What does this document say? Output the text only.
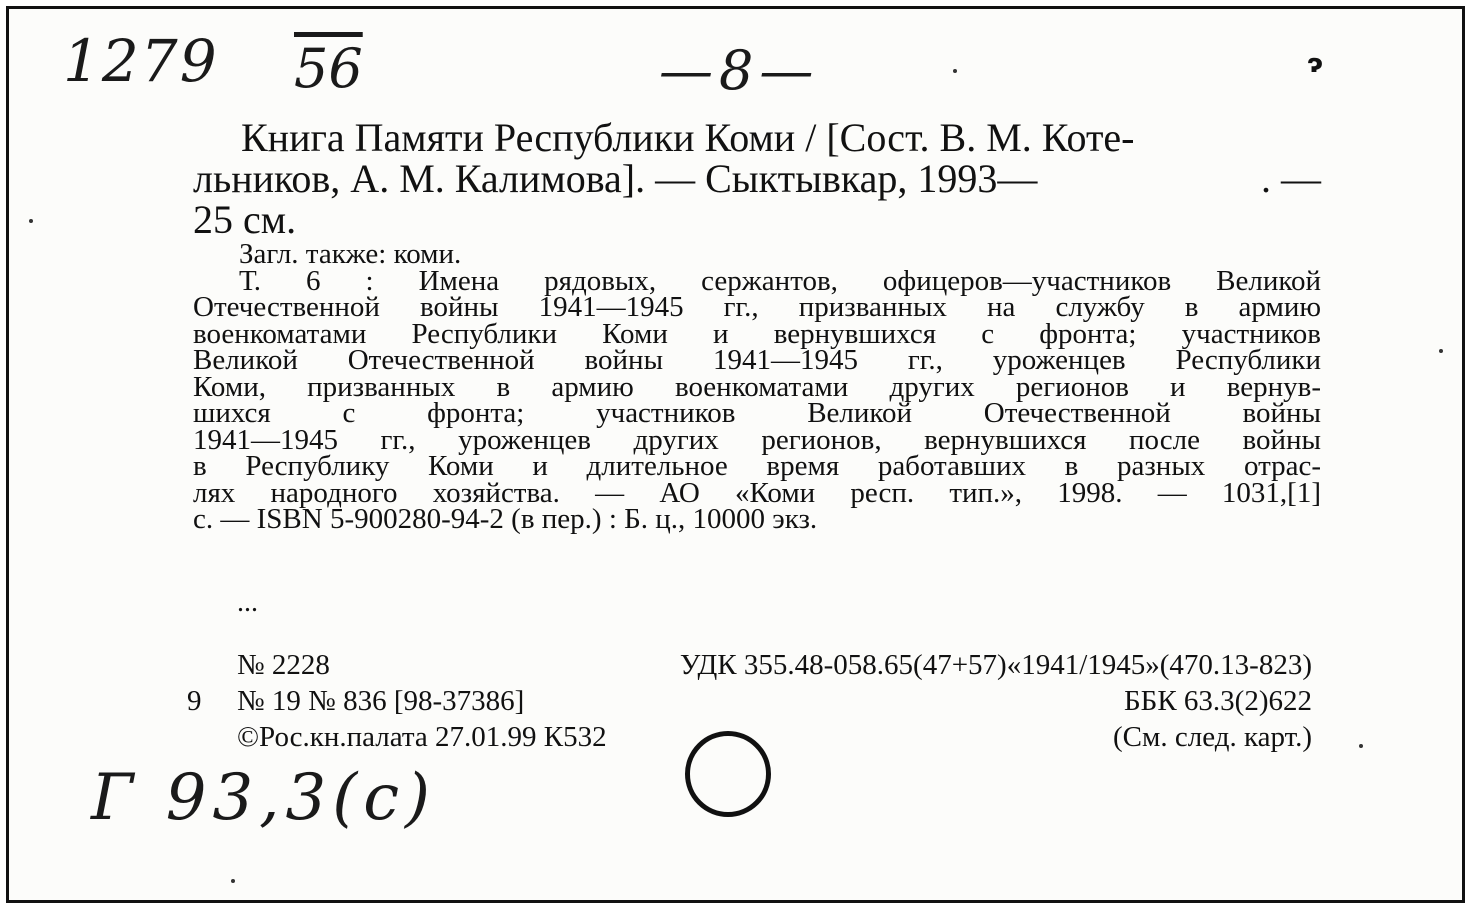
1279 56	—8—	ɂ
Книга Памяти Республики Коми / [Сост. В. М. Коте-
льников, А. М. Калимова]. — Сыктывкар, 1993—	. —
25 см.
Загл. также: коми.
Т. 6 : Имена рядовых, сержантов, офицеров—участников Великой
Отечественной войны 1941—1945 гг., призванных на службу в армию
военкоматами Республики Коми и вернувшихся с фронта; участников
Великой Отечественной войны 1941—1945 гг., уроженцев Республики
Коми, призванных в армию военкоматами других регионов и вернув-
шихся с фронта; участников Великой Отечественной войны
1941—1945 гг., уроженцев других регионов, вернувшихся после войны
в Республику Коми и длительное время работавших в разных отрас-
лях народного хозяйства. — АО «Коми респ. тип.», 1998. — 1031,[1]
с. — ISBN 5-900280-94-2 (в пер.) : Б. ц., 10000 экз.
...
№ 2228	УДК 355.48-058.65(47+57)«1941/1945»(470.13-823)
9 № 19 № 836 [98-37386]	ББК 63.3(2)622
©Рос.кн.палата 27.01.99 К532	(См. след. карт.)
Г 93,3(с)
